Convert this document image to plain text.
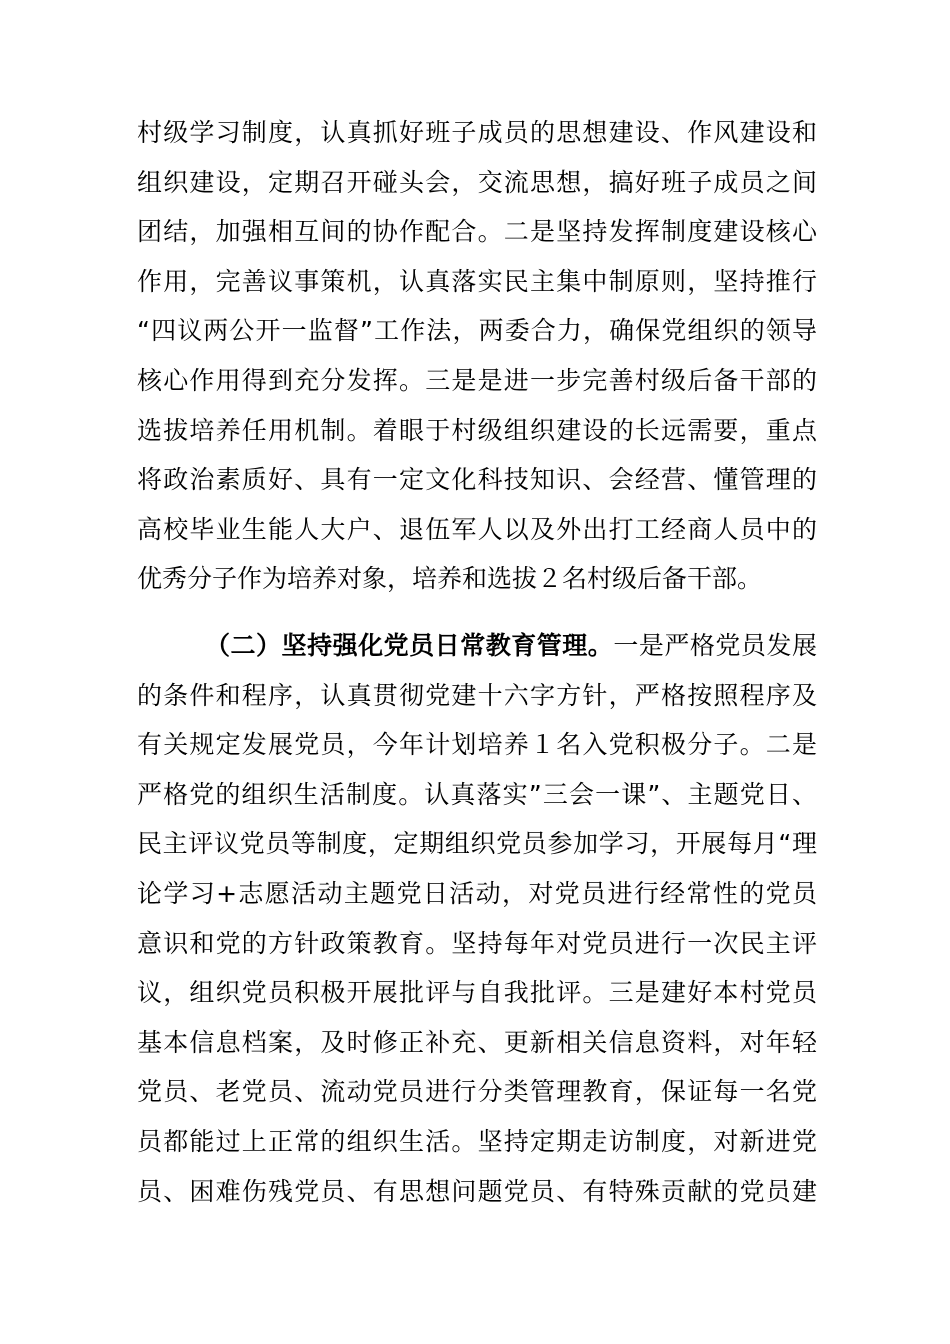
村级学习制度，认真抓好班子成员的思想建设、作风建设和
组织建设，定期召开碰头会，交流思想，搞好班子成员之间
团结，加强相互间的协作配合。二是坚持发挥制度建设核心
作用，完善议事策机，认真落实民主集中制原则，坚持推行
“四议两公开一监督”工作法，两委合力，确保党组织的领导
核心作用得到充分发挥。三是是进一步完善村级后备干部的
选拔培养任用机制。着眼于村级组织建设的长远需要，重点
将政治素质好、具有一定文化科技知识、会经营、懂管理的
高校毕业生能人大户、退伍军人以及外出打工经商人员中的
优秀分子作为培养对象，培养和选拔２名村级后备干部。
（二）坚持强化党员日常教育管理。一是严格党员发展
的条件和程序，认真贯彻党建十六字方针，严格按照程序及
有关规定发展党员，今年计划培养１名入党积极分子。二是
严格党的组织生活制度。认真落实”三会一课”、主题党日、
民主评议党员等制度，定期组织党员参加学习，开展每月“理
论学习+志愿活动主题党日活动，对党员进行经常性的党员
意识和党的方针政策教育。坚持每年对党员进行一次民主评
议，组织党员积极开展批评与自我批评。三是建好本村党员
基本信息档案，及时修正补充、更新相关信息资料，对年轻
党员、老党员、流动党员进行分类管理教育，保证每一名党
员都能过上正常的组织生活。坚持定期走访制度，对新进党
员、困难伤残党员、有思想问题党员、有特殊贡献的党员建
